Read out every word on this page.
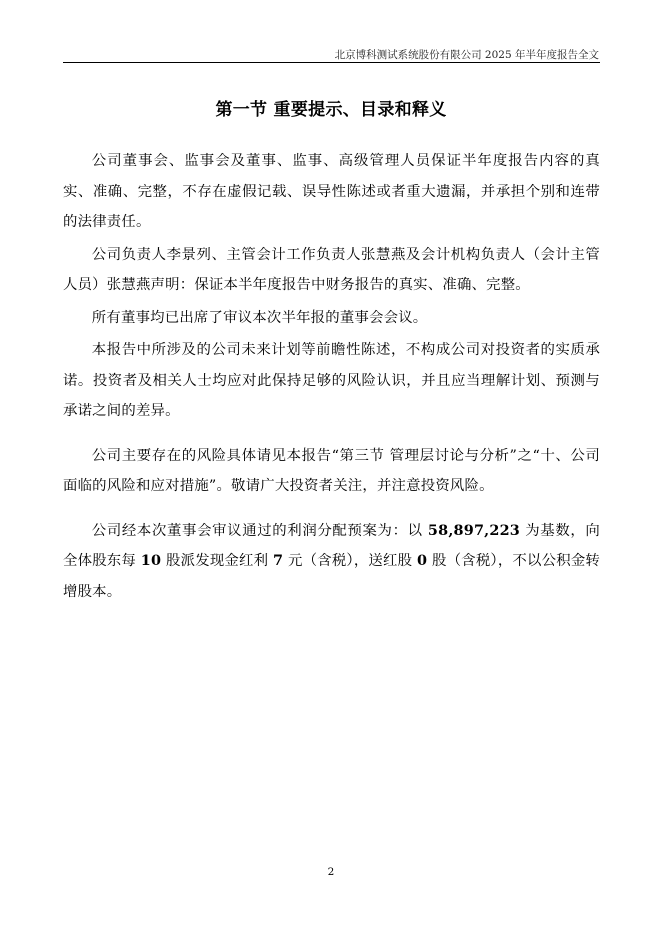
北京博科测试系统股份有限公司 2025 年半年度报告全文
第一节 重要提示、目录和释义

公司董事会、监事会及董事、监事、高级管理人员保证半年度报告内容的真实、准确、完整，不存在虚假记载、误导性陈述或者重大遗漏，并承担个别和连带的法律责任。

公司负责人李景列、主管会计工作负责人张慧燕及会计机构负责人（会计主管人员）张慧燕声明：保证本半年度报告中财务报告的真实、准确、完整。

所有董事均已出席了审议本次半年报的董事会会议。

本报告中所涉及的公司未来计划等前瞻性陈述，不构成公司对投资者的实质承诺。投资者及相关人士均应对此保持足够的风险认识，并且应当理解计划、预测与承诺之间的差异。

公司主要存在的风险具体请见本报告“第三节 管理层讨论与分析”之“十、公司面临的风险和应对措施”。敬请广大投资者关注，并注意投资风险。

公司经本次董事会审议通过的利润分配预案为：以 58,897,223 为基数，向全体股东每 10 股派发现金红利 7 元（含税），送红股 0 股（含税），不以公积金转增股本。

2
